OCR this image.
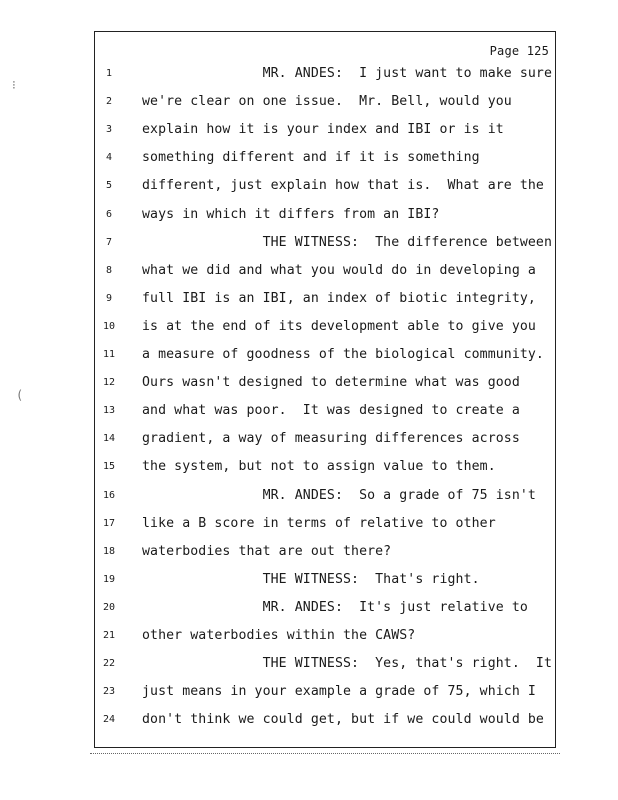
Page 125
1	MR. ANDES:  I just want to make sure
2	we're clear on one issue.  Mr. Bell, would you
3	explain how it is your index and IBI or is it
4	something different and if it is something
5	different, just explain how that is.  What are the
6	ways in which it differs from an IBI?
7	THE WITNESS:  The difference between
8	what we did and what you would do in developing a
9	full IBI is an IBI, an index of biotic integrity,
10	is at the end of its development able to give you
11	a measure of goodness of the biological community.
12	Ours wasn't designed to determine what was good
13	and what was poor.  It was designed to create a
14	gradient, a way of measuring differences across
15	the system, but not to assign value to them.
16	MR. ANDES:  So a grade of 75 isn't
17	like a B score in terms of relative to other
18	waterbodies that are out there?
19	THE WITNESS:  That's right.
20	MR. ANDES:  It's just relative to
21	other waterbodies within the CAWS?
22	THE WITNESS:  Yes, that's right.  It
23	just means in your example a grade of 75, which I
24	don't think we could get, but if we could would be
⁝
(
